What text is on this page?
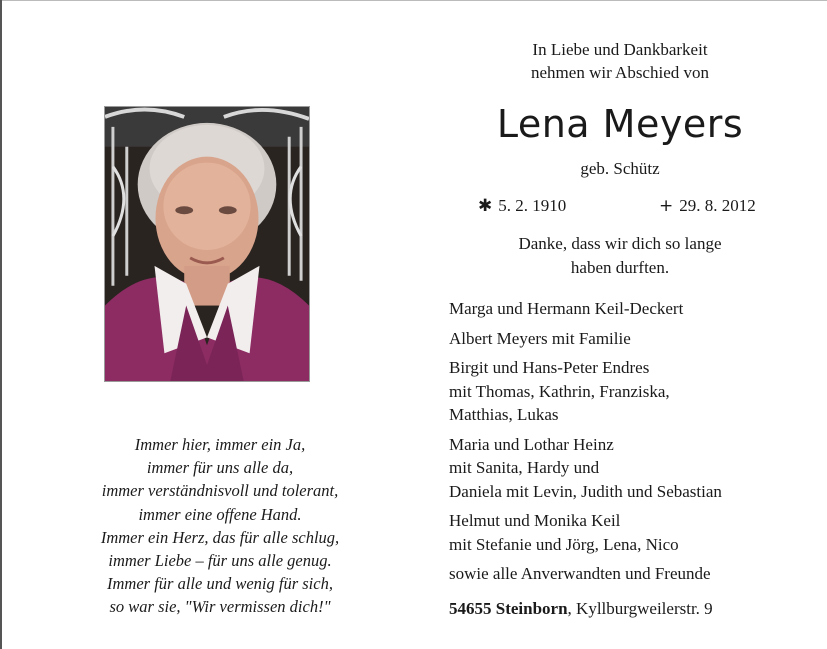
Immer hier, immer ein Ja,
immer für uns alle da,
immer verständnisvoll und tolerant,
immer eine offene Hand.
Immer ein Herz, das für alle schlug,
immer Liebe – für uns alle genug.
Immer für alle und wenig für sich,
so war sie, "Wir vermissen dich!"
In Liebe und Dankbarkeit
nehmen wir Abschied von
Lena Meyers
geb. Schütz
✱ 5. 2. 1910	+ 29. 8. 2012
Danke, dass wir dich so lange
haben durften.
Marga und Hermann Keil-Deckert
Albert Meyers mit Familie
Birgit und Hans-Peter Endres
mit Thomas, Kathrin, Franziska,
Matthias, Lukas
Maria und Lothar Heinz
mit Sanita, Hardy und
Daniela mit Levin, Judith und Sebastian
Helmut und Monika Keil
mit Stefanie und Jörg, Lena, Nico
sowie alle Anverwandten und Freunde
54655 Steinborn, Kyllburgweilerstr. 9
